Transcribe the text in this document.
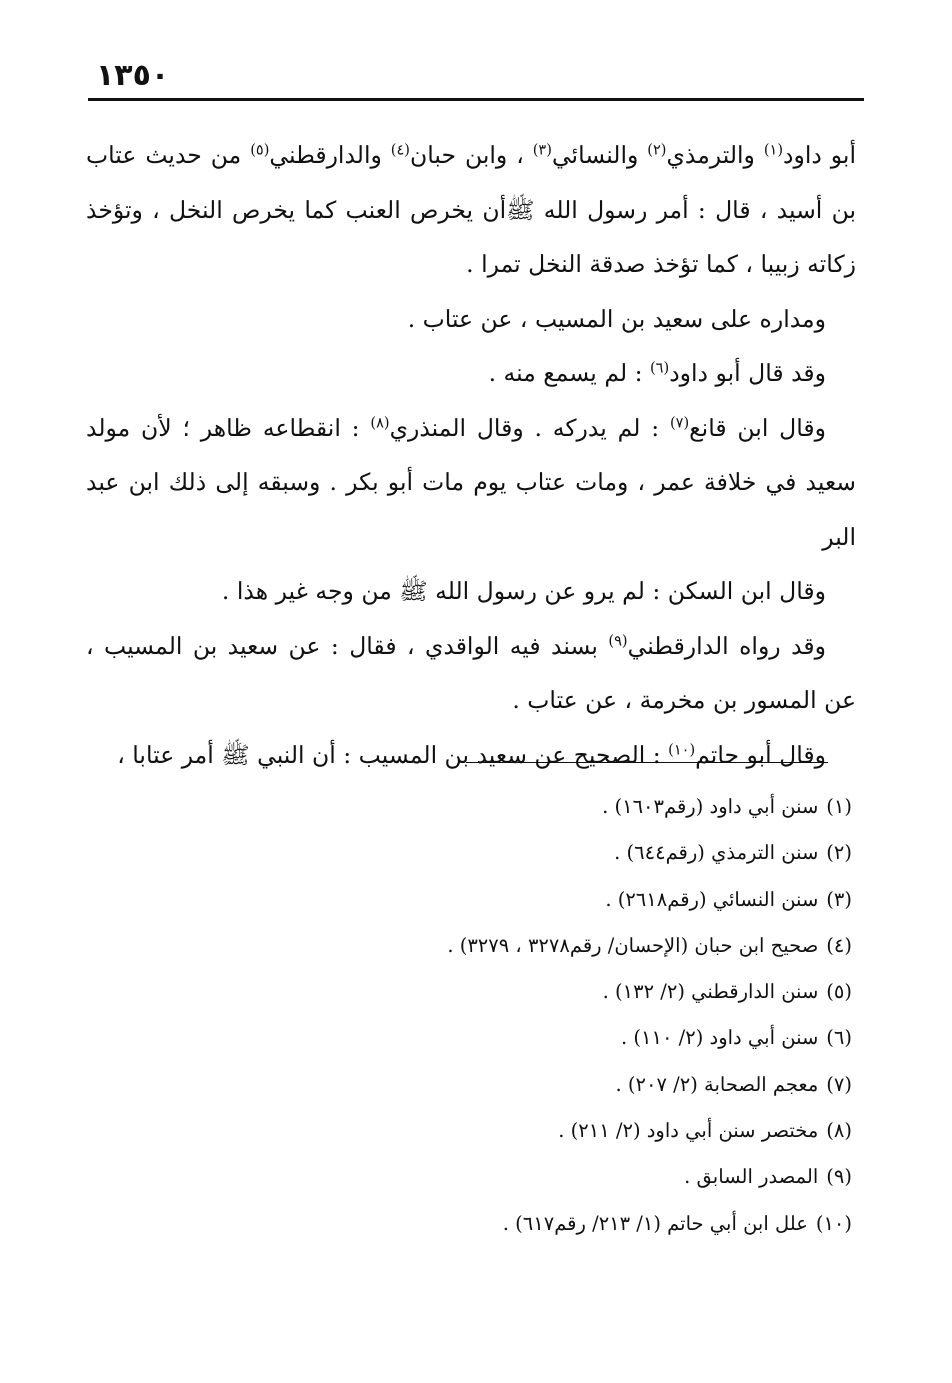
١٣٥٠

أبو داود$^{(١)}$ والترمذي$^{(٢)}$ والنسائي$^{(٣)}$ ، وابن حبان$^{(٤)}$ والدارقطني$^{(٥)}$ من حديث عتاب بن أسيد ، قال : أمر رسول الله ﷺأن يخرص العنب كما يخرص النخل ، وتؤخذ زكاته زبيبا ، كما تؤخذ صدقة النخل تمرا .

ومداره على سعيد بن المسيب ، عن عتاب .

وقد قال أبو داود$^{(٦)}$ : لم يسمع منه .

وقال ابن قانع$^{(٧)}$ : لم يدركه . وقال المنذري$^{(٨)}$ : انقطاعه ظاهر ؛ لأن مولد سعيد في خلافة عمر ، ومات عتاب يوم مات أبو بكر . وسبقه إلى ذلك ابن عبد البر

وقال ابن السكن : لم يرو عن رسول الله ﷺ من وجه غير هذا .

وقد رواه الدارقطني$^{(٩)}$ بسند فيه الواقدي ، فقال : عن سعيد بن المسيب ، عن المسور بن مخرمة ، عن عتاب .

وقال أبو حاتم$^{(١٠)}$ : الصحيح عن سعيد بن المسيب : أن النبي ﷺ أمر عتابا ،

(١)سنن أبي داود (رقم١٦٠٣) .
(٢)سنن الترمذي (رقم٦٤٤) .
(٣)سنن النسائي (رقم٢٦١٨) .
(٤)صحيح ابن حبان (الإحسان/ رقم٣٢٧٨ ، ٣٢٧٩) .
(٥)سنن الدارقطني (٢/ ١٣٢) .
(٦)سنن أبي داود (٢/ ١١٠) .
(٧)معجم الصحابة (٢/ ٢٠٧) .
(٨)مختصر سنن أبي داود (٢/ ٢١١) .
(٩)المصدر السابق .
(١٠)علل ابن أبي حاتم (١/ ٢١٣/ رقم٦١٧) .
